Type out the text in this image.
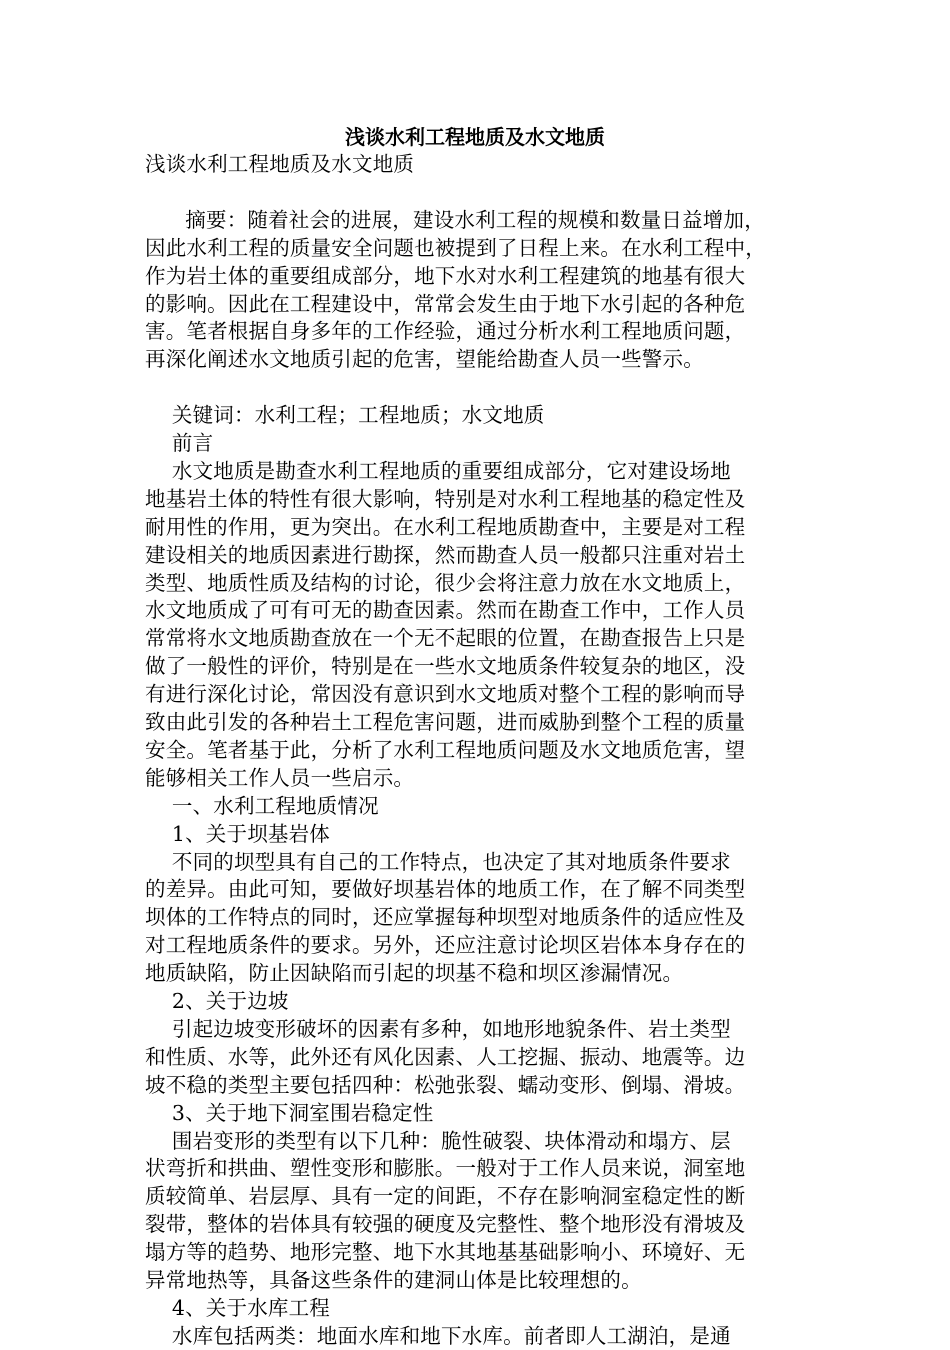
浅谈水利工程地质及水文地质
浅谈水利工程地质及水文地质
摘要：随着社会的进展，建设水利工程的规模和数量日益增加，
因此水利工程的质量安全问题也被提到了日程上来。在水利工程中，
作为岩土体的重要组成部分，地下水对水利工程建筑的地基有很大
的影响。因此在工程建设中，常常会发生由于地下水引起的各种危
害。笔者根据自身多年的工作经验，通过分析水利工程地质问题，
再深化阐述水文地质引起的危害，望能给勘查人员一些警示。
关键词：水利工程；工程地质；水文地质
前言
水文地质是勘查水利工程地质的重要组成部分，它对建设场地
地基岩土体的特性有很大影响，特别是对水利工程地基的稳定性及
耐用性的作用，更为突出。在水利工程地质勘查中，主要是对工程
建设相关的地质因素进行勘探，然而勘查人员一般都只注重对岩土
类型、地质性质及结构的讨论，很少会将注意力放在水文地质上，
水文地质成了可有可无的勘查因素。然而在勘查工作中，工作人员
常常将水文地质勘查放在一个无不起眼的位置，在勘查报告上只是
做了一般性的评价，特别是在一些水文地质条件较复杂的地区，没
有进行深化讨论，常因没有意识到水文地质对整个工程的影响而导
致由此引发的各种岩土工程危害问题，进而威胁到整个工程的质量
安全。笔者基于此，分析了水利工程地质问题及水文地质危害，望
能够相关工作人员一些启示。
一、水利工程地质情况
1、关于坝基岩体
不同的坝型具有自己的工作特点，也决定了其对地质条件要求
的差异。由此可知，要做好坝基岩体的地质工作，在了解不同类型
坝体的工作特点的同时，还应掌握每种坝型对地质条件的适应性及
对工程地质条件的要求。另外，还应注意讨论坝区岩体本身存在的
地质缺陷，防止因缺陷而引起的坝基不稳和坝区渗漏情况。
2、关于边坡
引起边坡变形破坏的因素有多种，如地形地貌条件、岩土类型
和性质、水等，此外还有风化因素、人工挖掘、振动、地震等。边
坡不稳的类型主要包括四种：松弛张裂、蠕动变形、倒塌、滑坡。
3、关于地下洞室围岩稳定性
围岩变形的类型有以下几种：脆性破裂、块体滑动和塌方、层
状弯折和拱曲、塑性变形和膨胀。一般对于工作人员来说，洞室地
质较简单、岩层厚、具有一定的间距，不存在影响洞室稳定性的断
裂带，整体的岩体具有较强的硬度及完整性、整个地形没有滑坡及
塌方等的趋势、地形完整、地下水其地基基础影响小、环境好、无
异常地热等，具备这些条件的建洞山体是比较理想的。
4、关于水库工程
水库包括两类：地面水库和地下水库。前者即人工湖泊，是通
